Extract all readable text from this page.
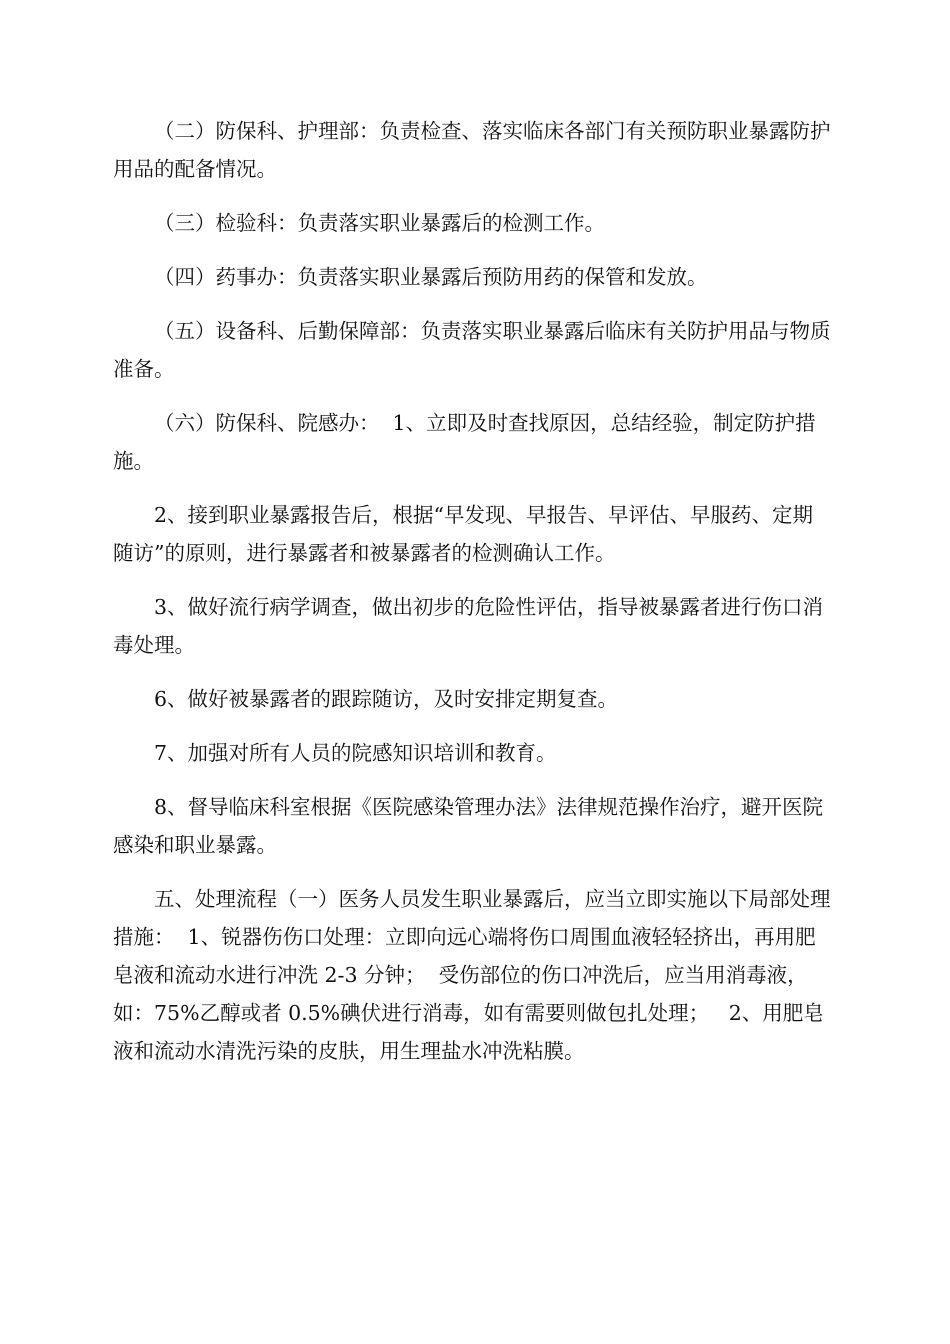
（二）防保科、护理部：负责检查、落实临床各部门有关预防职业暴露防护用品的配备情况。

（三）检验科：负责落实职业暴露后的检测工作。

（四）药事办：负责落实职业暴露后预防用药的保管和发放。

（五）设备科、后勤保障部：负责落实职业暴露后临床有关防护用品与物质准备。

（六）防保科、院感办：  1、立即及时查找原因，总结经验，制定防护措施。

2、接到职业暴露报告后，根据“早发现、早报告、早评估、早服药、定期随访”的原则，进行暴露者和被暴露者的检测确认工作。

3、做好流行病学调查，做出初步的危险性评估，指导被暴露者进行伤口消毒处理。

6、做好被暴露者的跟踪随访，及时安排定期复查。

7、加强对所有人员的院感知识培训和教育。

8、督导临床科室根据《医院感染管理办法》法律规范操作治疗，避开医院感染和职业暴露。

五、处理流程（一）医务人员发生职业暴露后，应当立即实施以下局部处理措施：  1、锐器伤伤口处理：立即向远心端将伤口周围血液轻轻挤出，再用肥皂液和流动水进行冲洗 2-3 分钟；  受伤部位的伤口冲洗后，应当用消毒液，如：75%乙醇或者 0.5%碘伏进行消毒，如有需要则做包扎处理；   2、用肥皂液和流动水清洗污染的皮肤，用生理盐水冲洗粘膜。
